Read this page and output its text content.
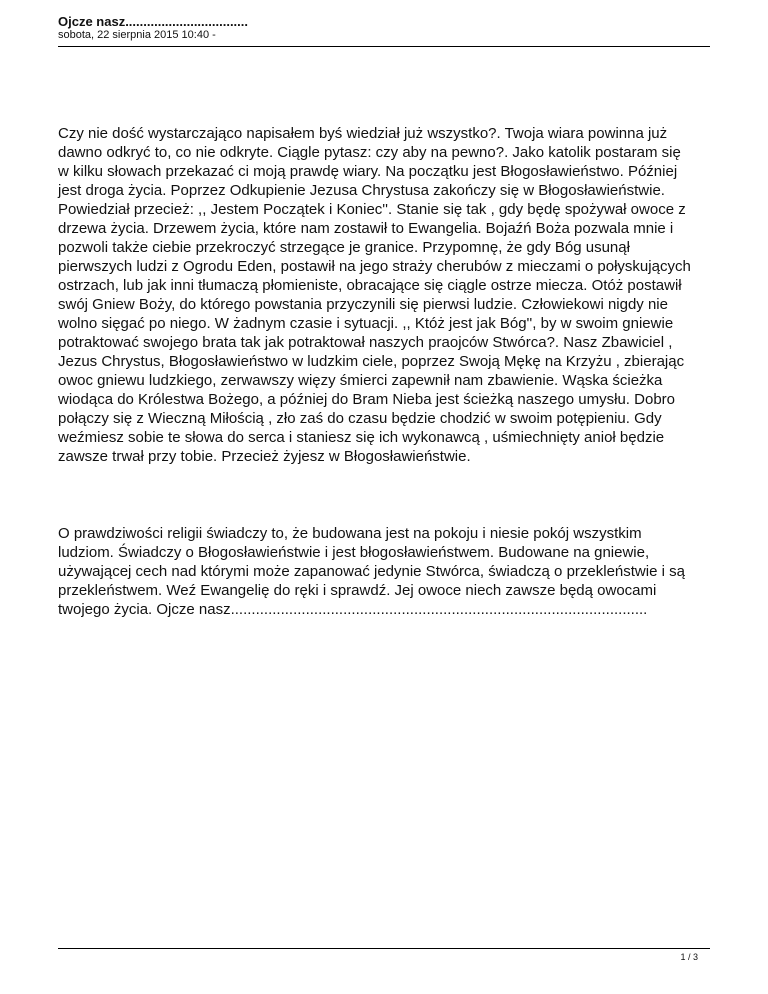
Ojcze nasz..................................

sobota, 22 sierpnia 2015 10:40 -

Czy nie dość wystarczająco napisałem byś wiedział już wszystko?. Twoja wiara powinna już
dawno odkryć to, co nie odkryte. Ciągle pytasz: czy aby na pewno?. Jako katolik postaram się
w kilku słowach przekazać ci moją prawdę wiary. Na początku jest Błogosławieństwo. Później
jest droga życia. Poprzez Odkupienie Jezusa Chrystusa zakończy się w Błogosławieństwie.
Powiedział przecież: ,, Jestem Początek i Koniec''. Stanie się tak , gdy będę spożywał owoce z
drzewa życia. Drzewem życia, które nam zostawił to Ewangelia. Bojaźń Boża pozwala mnie i
pozwoli także ciebie przekroczyć strzegące je granice. Przypomnę, że gdy Bóg usunął
pierwszych ludzi z Ogrodu Eden, postawił na jego straży cherubów z mieczami o połyskujących
ostrzach, lub jak inni tłumaczą płomieniste, obracające się ciągle ostrze miecza. Otóż postawił
swój Gniew Boży, do którego powstania przyczynili się pierwsi ludzie. Człowiekowi nigdy nie
wolno sięgać po niego. W żadnym czasie i sytuacji. ,, Któż jest jak Bóg'', by w swoim gniewie
potraktować swojego brata tak jak potraktował naszych praojców Stwórca?. Nasz Zbawiciel ,
Jezus Chrystus, Błogosławieństwo w ludzkim ciele, poprzez Swoją Mękę na Krzyżu , zbierając
owoc gniewu ludzkiego, zerwawszy więzy śmierci zapewnił nam zbawienie. Wąska ścieżka
wiodąca do Królestwa Bożego, a później do Bram Nieba jest ścieżką naszego umysłu. Dobro
połączy się z Wieczną Miłością , zło zaś do czasu będzie chodzić w swoim potępieniu. Gdy
weźmiesz sobie te słowa do serca i staniesz się ich wykonawcą , uśmiechnięty anioł będzie
zawsze trwał przy tobie. Przecież żyjesz w Błogosławieństwie.

O prawdziwości religii świadczy to, że budowana jest na pokoju i niesie pokój wszystkim
ludziom. Świadczy o Błogosławieństwie i jest błogosławieństwem. Budowane na gniewie,
używającej cech nad którymi może zapanować jedynie Stwórca, świadczą o przekleństwie i są
przekleństwem. Weź Ewangelię do ręki i sprawdź. Jej owoce niech zawsze będą owocami
twojego życia. Ojcze nasz....................................................................................................

1 / 3
